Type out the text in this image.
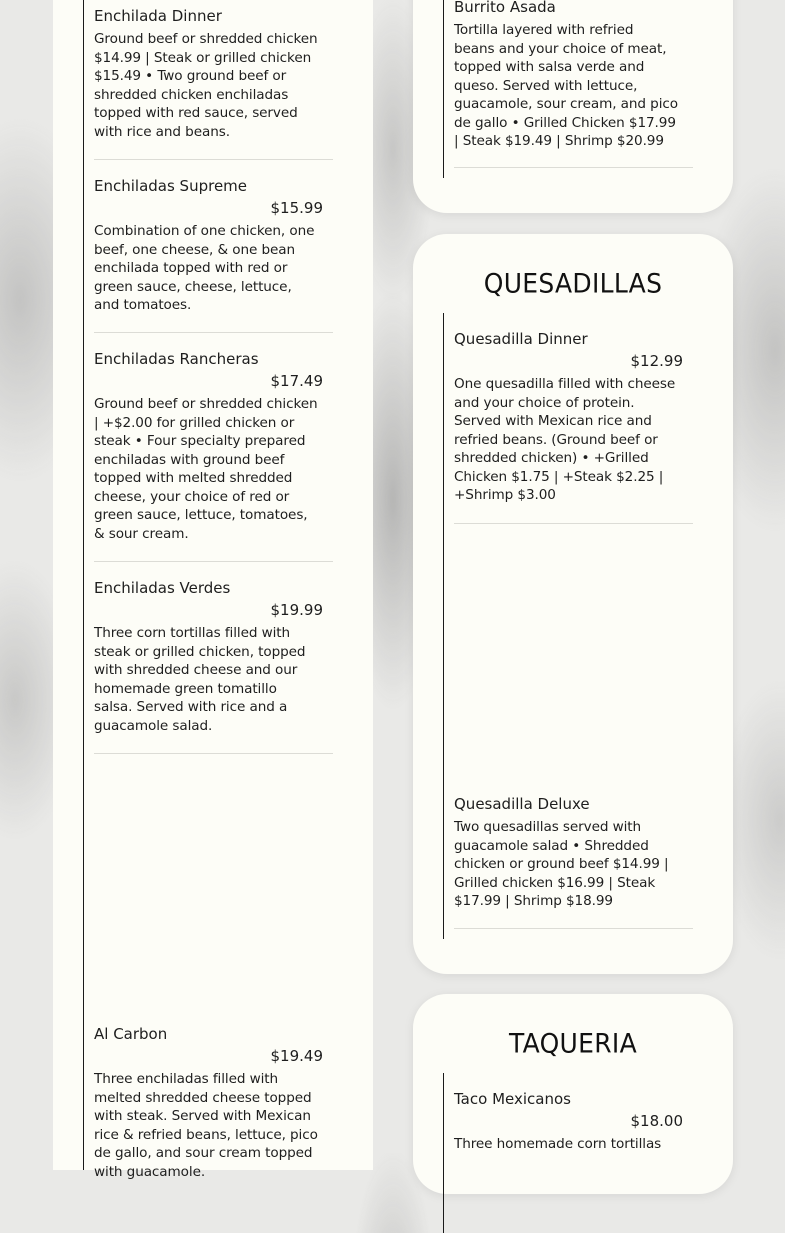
Enchilada Dinner
Ground beef or shredded chicken $14.99 | Steak or grilled chicken $15.49 • Two ground beef or shredded chicken enchiladas topped with red sauce, served with rice and beans.
Enchiladas Supreme
$15.99
Combination of one chicken, one beef, one cheese, & one bean enchilada topped with red or green sauce, cheese, lettuce, and tomatoes.
Enchiladas Rancheras
$17.49
Ground beef or shredded chicken | +$2.00 for grilled chicken or steak • Four specialty prepared enchiladas with ground beef topped with melted shredded cheese, your choice of red or green sauce, lettuce, tomatoes, & sour cream.
Enchiladas Verdes
$19.99
Three corn tortillas filled with steak or grilled chicken, topped with shredded cheese and our homemade green tomatillo salsa. Served with rice and a guacamole salad.
Al Carbon
$19.49
Three enchiladas filled with melted shredded cheese topped with steak. Served with Mexican rice & refried beans, lettuce, pico de gallo, and sour cream topped with guacamole.
Burrito Asada
Tortilla layered with refried beans and your choice of meat, topped with salsa verde and queso. Served with lettuce, guacamole, sour cream, and pico de gallo • Grilled Chicken $17.99 | Steak $19.49 | Shrimp $20.99
QUESADILLAS
Quesadilla Dinner
$12.99
One quesadilla filled with cheese and your choice of protein. Served with Mexican rice and refried beans. (Ground beef or shredded chicken) • +Grilled Chicken $1.75 | +Steak $2.25 | +Shrimp $3.00
Quesadilla Deluxe
Two quesadillas served with guacamole salad • Shredded chicken or ground beef $14.99 | Grilled chicken $16.99 | Steak $17.99 | Shrimp $18.99
TAQUERIA
Taco Mexicanos
$18.00
Three homemade corn tortillas
